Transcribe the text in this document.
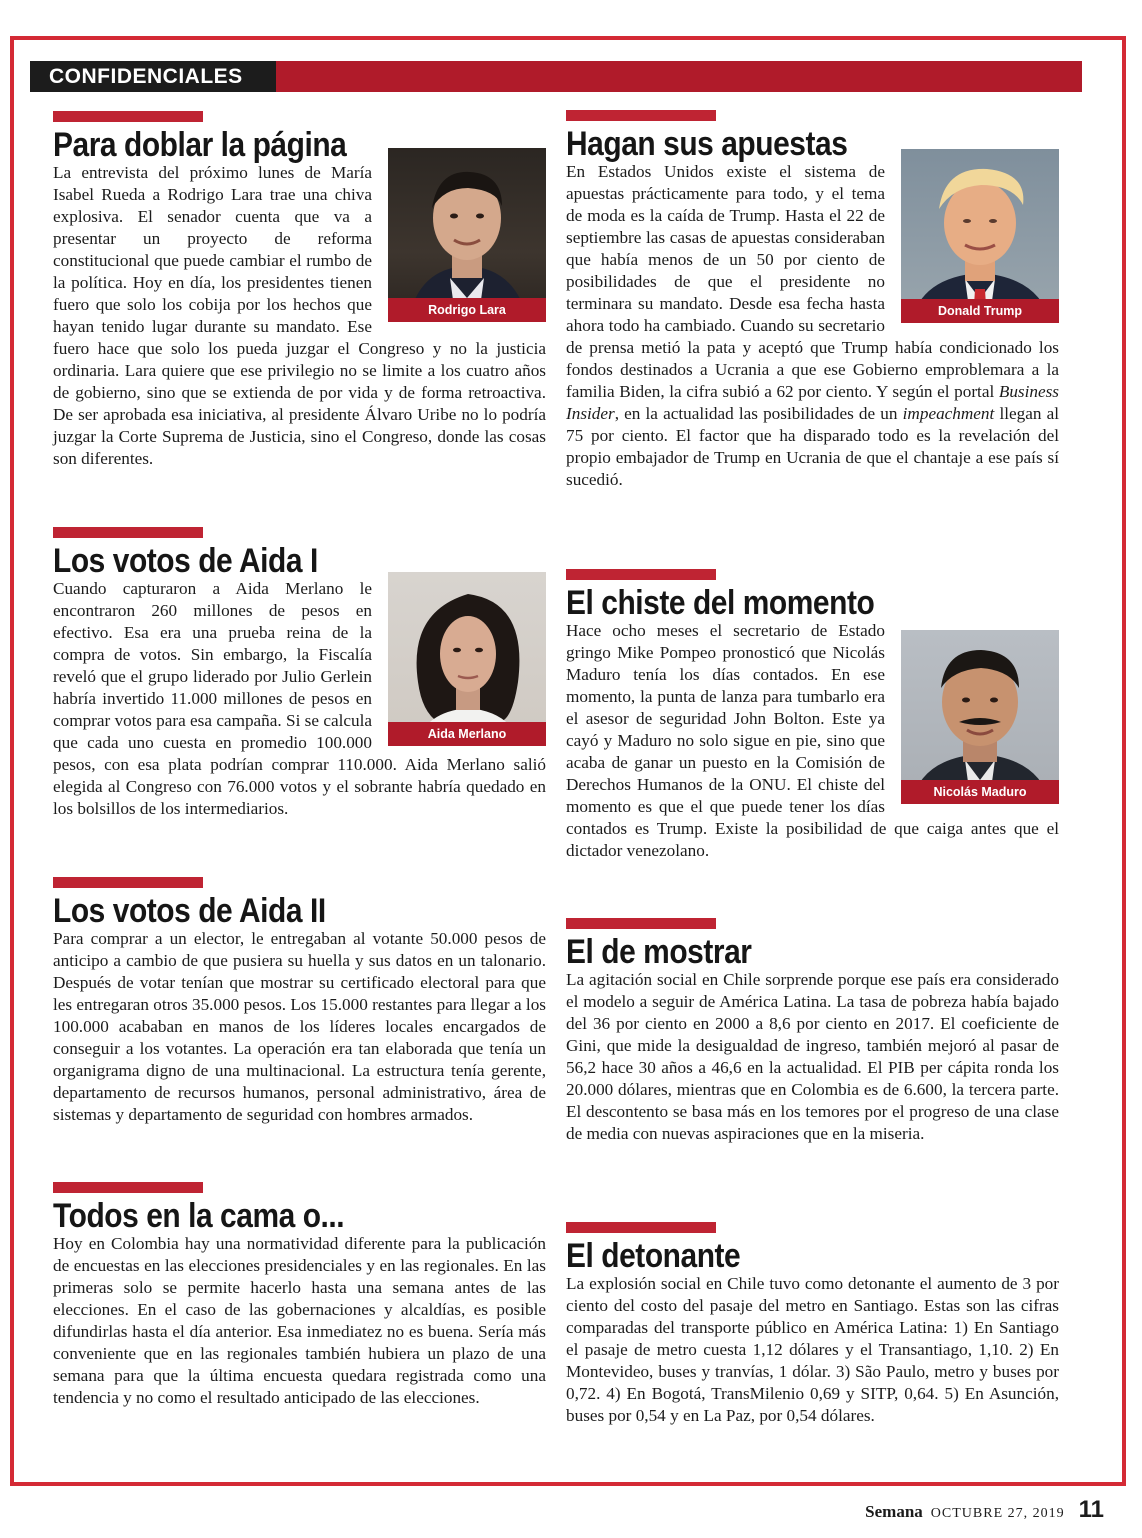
CONFIDENCIALES
Para doblar la página
Rodrigo Lara

La entrevista del próximo lunes de María Isabel Rueda a Rodrigo Lara trae una chiva explosiva. El senador cuenta que va a presentar un proyecto de reforma constitucional que puede cambiar el rumbo de la política. Hoy en día, los presidentes tienen fuero que solo los cobija por los hechos que hayan tenido lugar durante su mandato. Ese fuero hace que solo los pueda juzgar el Congreso y no la justicia ordinaria. Lara quiere que ese privilegio no se limite a los cuatro años de gobierno, sino que se extienda de por vida y de forma retroactiva. De ser aprobada esa iniciativa, al presidente Álvaro Uribe no lo podría juzgar la Corte Suprema de Justicia, sino el Congreso, donde las cosas son diferentes.

Los votos de Aida I
Aida Merlano

Cuando capturaron a Aida Merlano le encontraron 260 millones de pesos en efectivo. Esa era una prueba reina de la compra de votos. Sin embargo, la Fiscalía reveló que el grupo liderado por Julio Gerlein habría invertido 11.000 millones de pesos en comprar votos para esa campaña. Si se calcula que cada uno cuesta en promedio 100.000 pesos, con esa plata podrían comprar 110.000. Aida Merlano salió elegida al Congreso con 76.000 votos y el sobrante habría quedado en los bolsillos de los intermediarios.

Los votos de Aida II

Para comprar a un elector, le entregaban al votante 50.000 pesos de anticipo a cambio de que pusiera su huella y sus datos en un talonario. Después de votar tenían que mostrar su certificado electoral para que les entregaran otros 35.000 pesos. Los 15.000 restantes para llegar a los 100.000 acababan en manos de los líderes locales encargados de conseguir a los votantes. La operación era tan elaborada que tenía un organigrama digno de una multinacional. La estructura tenía gerente, departamento de recursos humanos, personal administrativo, área de sistemas y departamento de seguridad con hombres armados.

Todos en la cama o...

Hoy en Colombia hay una normatividad diferente para la publicación de encuestas en las elecciones presidenciales y en las regionales. En las primeras solo se permite hacerlo hasta una semana antes de las elecciones. En el caso de las gobernaciones y alcaldías, es posible difundirlas hasta el día anterior. Esa inmediatez no es buena. Sería más conveniente que en las regionales también hubiera un plazo de una semana para que la última encuesta quedara registrada como una tendencia y no como el resultado anticipado de las elecciones.

Hagan sus apuestas
Donald Trump

En Estados Unidos existe el sistema de apuestas prácticamente para todo, y el tema de moda es la caída de Trump. Hasta el 22 de septiembre las casas de apuestas consideraban que había menos de un 50 por ciento de posibilidades de que el presidente no terminara su mandato. Desde esa fecha hasta ahora todo ha cambiado. Cuando su secretario de prensa metió la pata y aceptó que Trump había condicionado los fondos destinados a Ucrania a que ese Gobierno emproblemara a la familia Biden, la cifra subió a 62 por ciento. Y según el portal Business Insider, en la actualidad las posibilidades de un impeachment llegan al 75 por ciento. El factor que ha disparado todo es la revelación del propio embajador de Trump en Ucrania de que el chantaje a ese país sí sucedió.

El chiste del momento
Nicolás Maduro

Hace ocho meses el secretario de Estado gringo Mike Pompeo pronosticó que Nicolás Maduro tenía los días contados. En ese momento, la punta de lanza para tumbarlo era el asesor de seguridad John Bolton. Este ya cayó y Maduro no solo sigue en pie, sino que acaba de ganar un puesto en la Comisión de Derechos Humanos de la ONU. El chiste del momento es que el que puede tener los días contados es Trump. Existe la posibilidad de que caiga antes que el dictador venezolano.

El de mostrar

La agitación social en Chile sorprende porque ese país era considerado el modelo a seguir de América Latina. La tasa de pobreza había bajado del 36 por ciento en 2000 a 8,6 por ciento en 2017. El coeficiente de Gini, que mide la desigualdad de ingreso, también mejoró al pasar de 56,2 hace 30 años a 46,6 en la actualidad. El PIB per cápita ronda los 20.000 dólares, mientras que en Colombia es de 6.600, la tercera parte. El descontento se basa más en los temores por el progreso de una clase de media con nuevas aspiraciones que en la miseria.

El detonante

La explosión social en Chile tuvo como detonante el aumento de 3 por ciento del costo del pasaje del metro en Santiago. Estas son las cifras comparadas del transporte público en América Latina: 1) En Santiago el pasaje de metro cuesta 1,12 dólares y el Transantiago, 1,10. 2) En Montevideo, buses y tranvías, 1 dólar. 3) São Paulo, metro y buses por 0,72. 4) En Bogotá, TransMilenio 0,69 y SITP, 0,64. 5) En Asunción, buses por 0,54 y en La Paz, por 0,54 dólares.

Semana OCTUBRE 27, 2019 11
